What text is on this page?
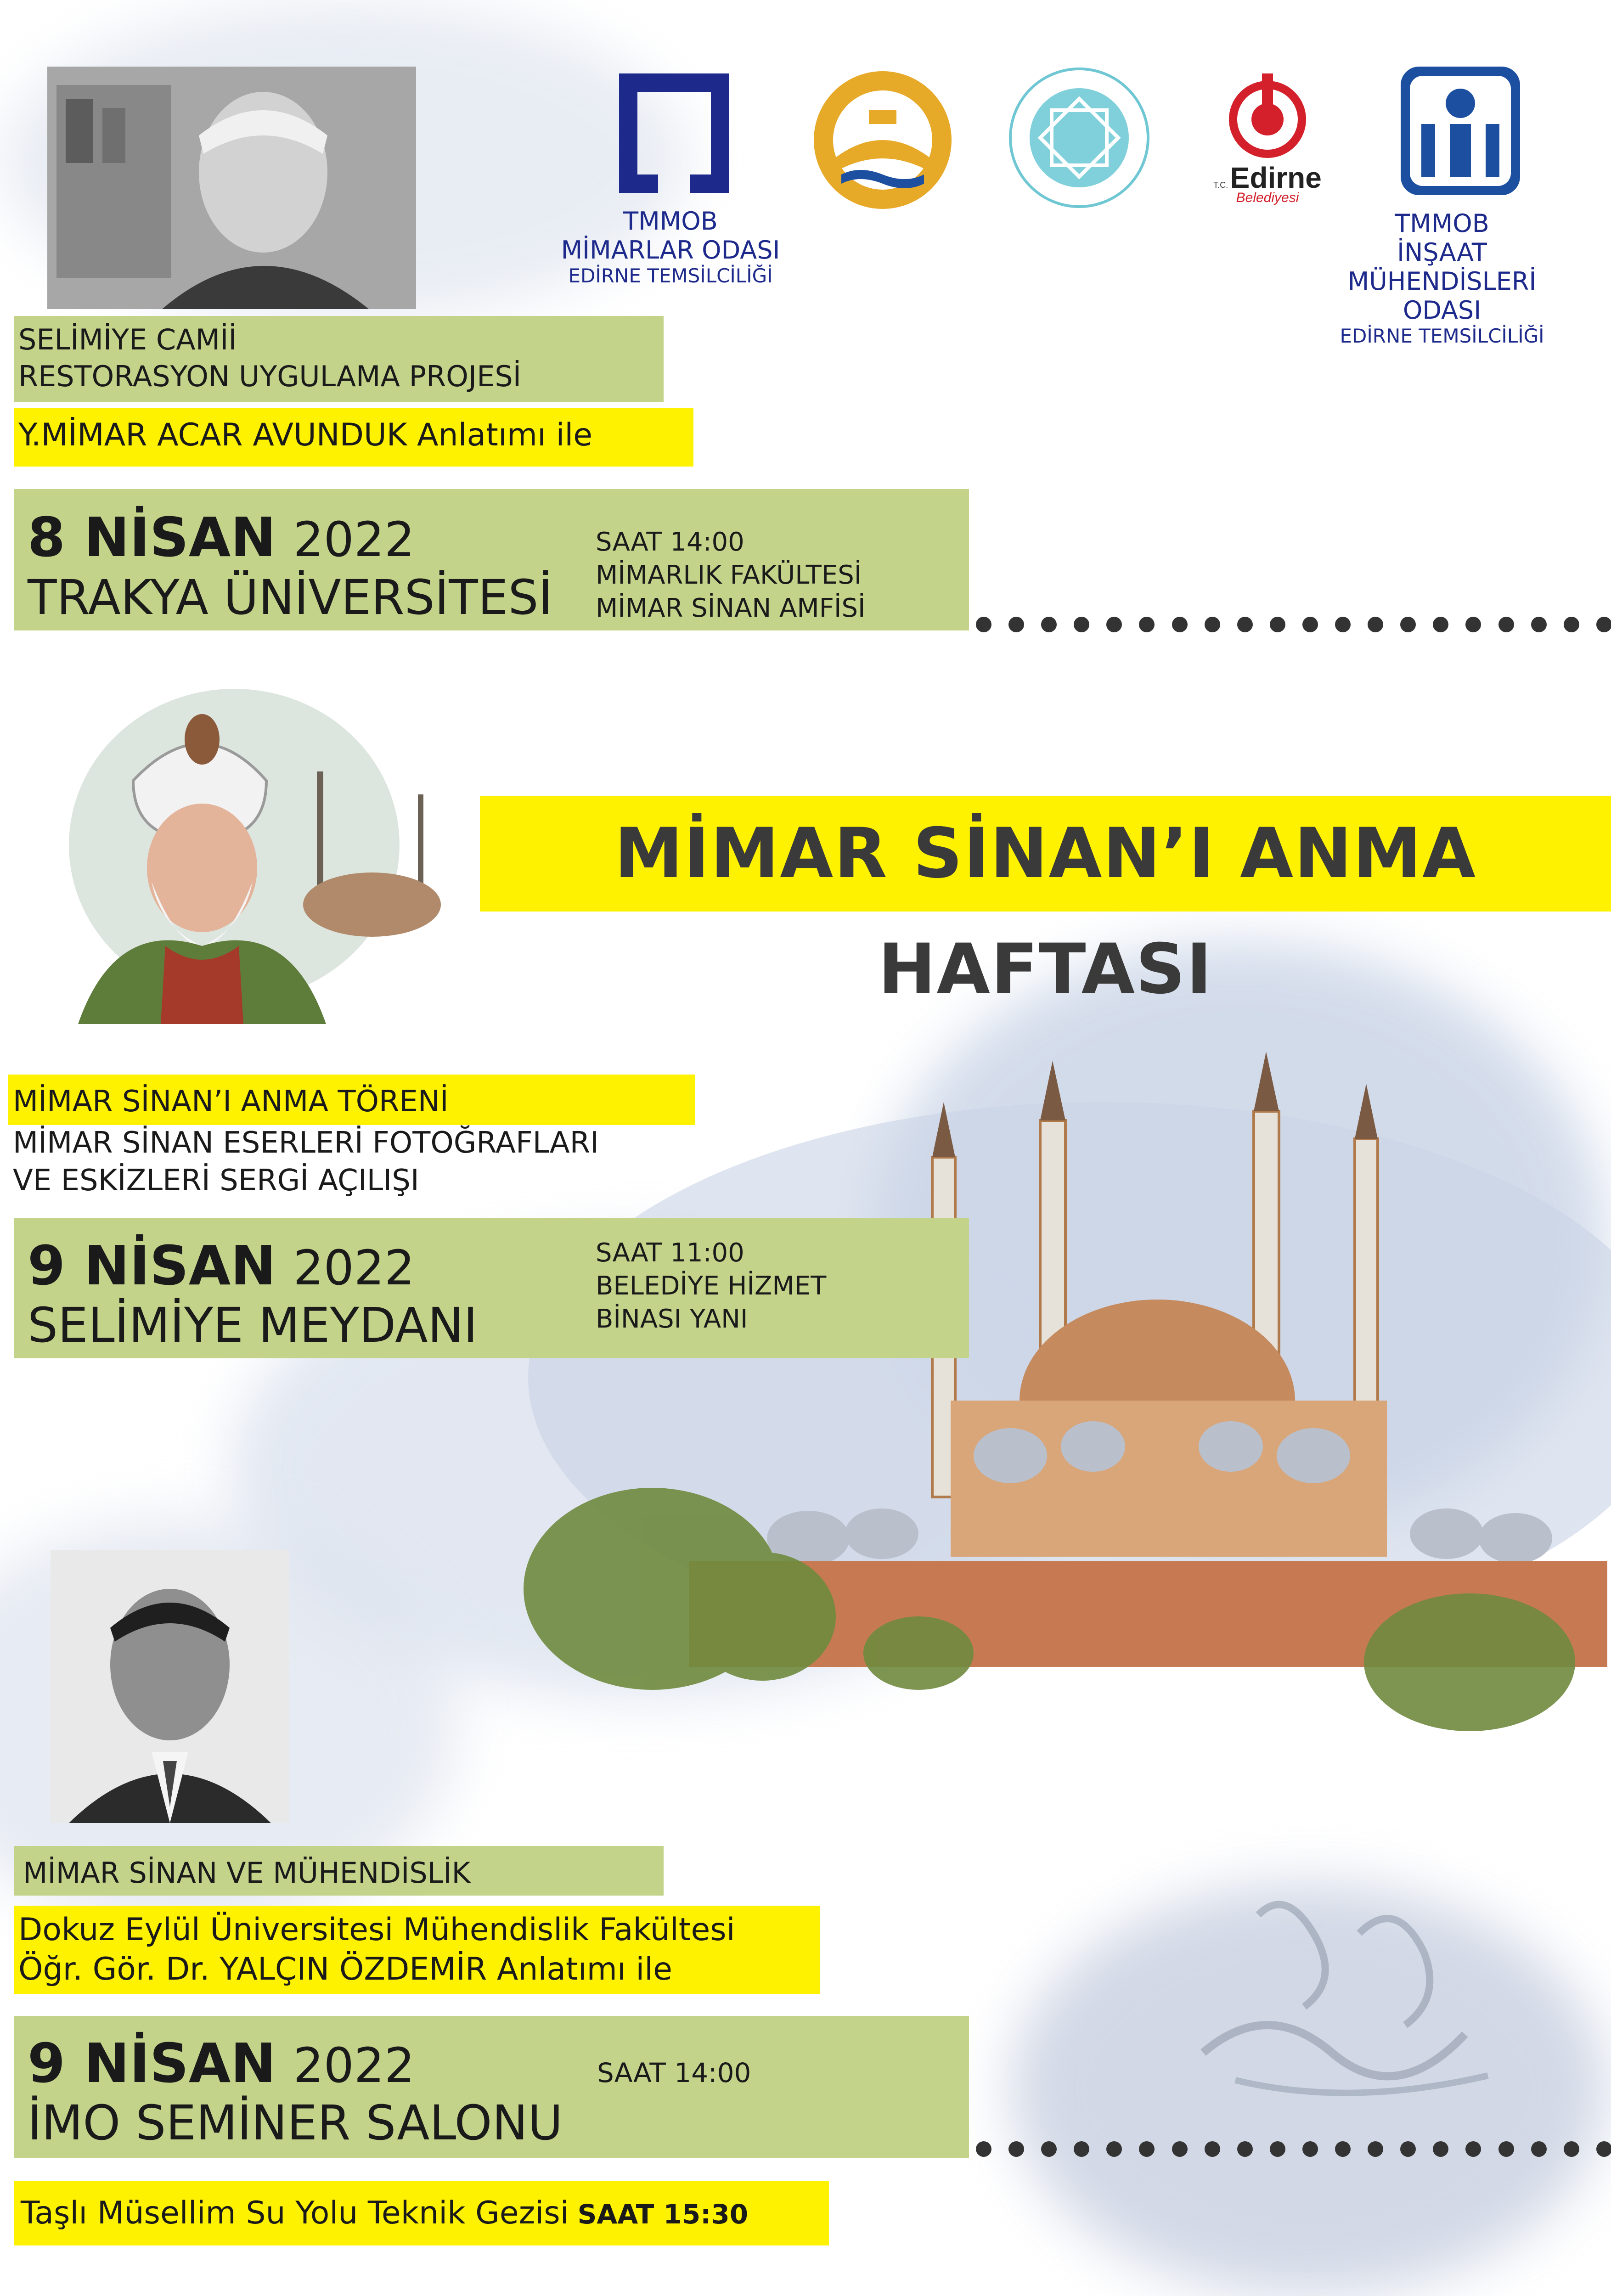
TMMOB
MİMARLAR ODASI
EDİRNE TEMSİLCİLİĞİ
T.C. Edirne
Belediyesi
TMMOB
İNŞAAT
MÜHENDİSLERİ
ODASI
EDİRNE TEMSİLCİLİĞİ
SELİMİYE CAMİİ
RESTORASYON UYGULAMA PROJESİ
Y.MİMAR ACAR AVUNDUK Anlatımı ile
8 NİSAN 2022
TRAKYA ÜNİVERSİTESİ
SAAT 14:00
MİMARLIK FAKÜLTESİ
MİMAR SİNAN AMFİSİ
MİMAR SİNAN’I ANMA HAFTASI
MİMAR SİNAN’I ANMA TÖRENİ
MİMAR SİNAN ESERLERİ FOTOĞRAFLARI
VE ESKİZLERİ SERGİ AÇILIŞI
9 NİSAN 2022
SELİMİYE MEYDANI
SAAT 11:00
BELEDİYE HİZMET
BİNASI YANI
MİMAR SİNAN VE MÜHENDİSLİK
Dokuz Eylül Üniversitesi Mühendislik Fakültesi
Öğr. Gör. Dr. YALÇIN ÖZDEMİR Anlatımı ile
9 NİSAN 2022
İMO SEMİNER SALONU
SAAT 14:00
Taşlı Müsellim Su Yolu Teknik Gezisi SAAT 15:30
